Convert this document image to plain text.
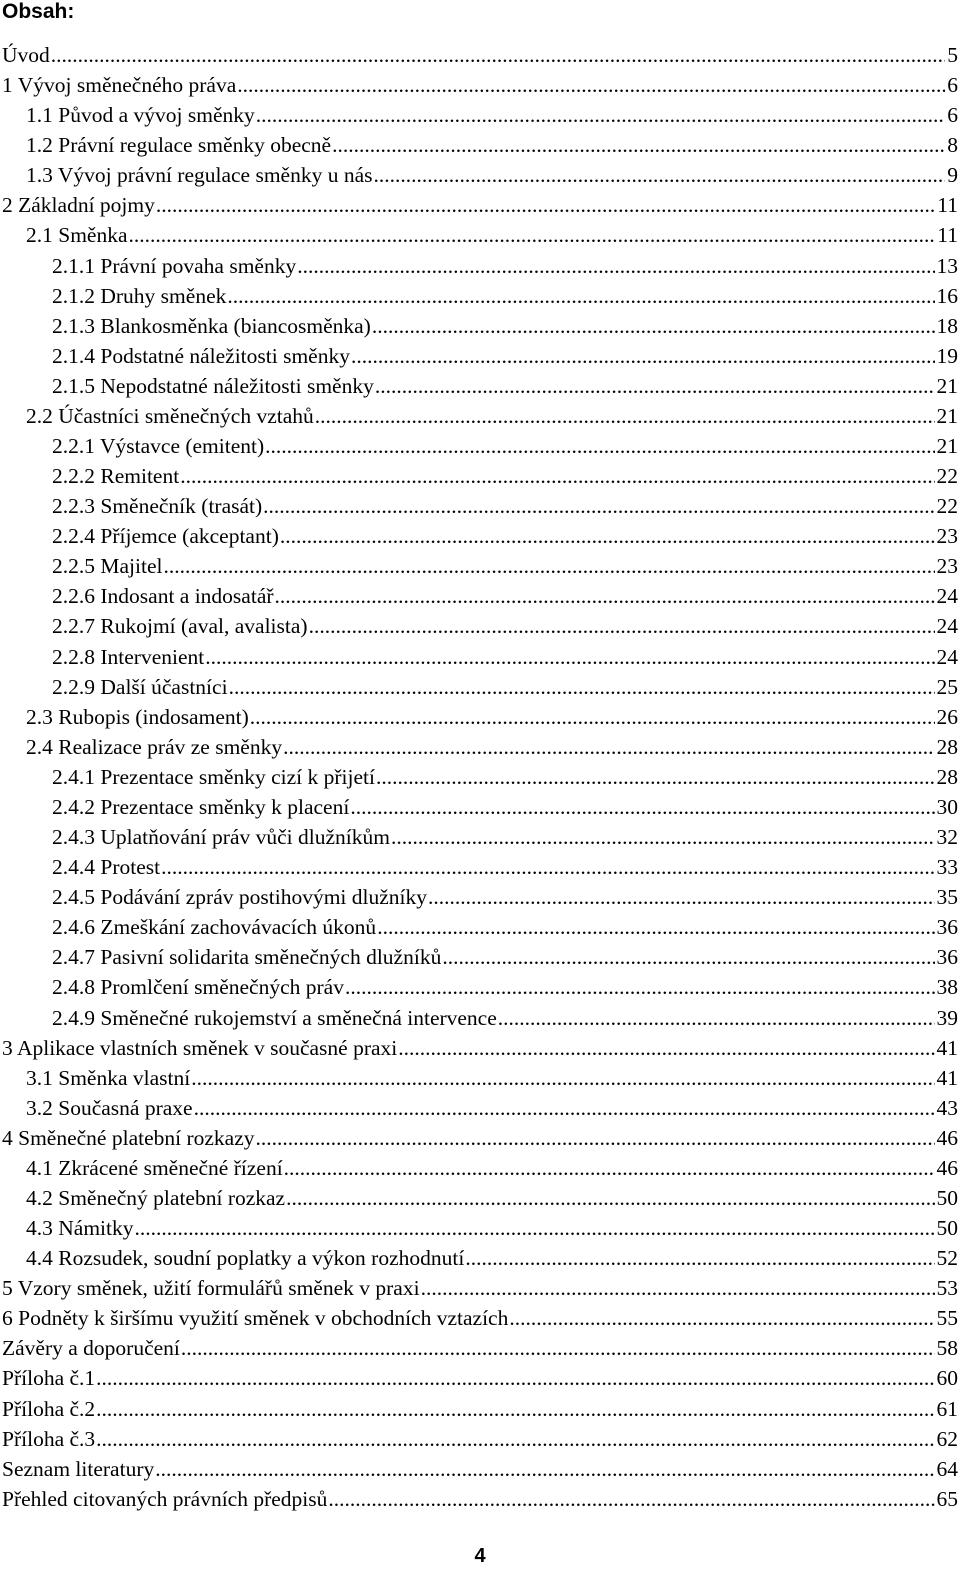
Obsah:
Úvod .....	5
1 Vývoj směnečného práva .....	6
1.1 Původ a vývoj směnky .....	6
1.2 Právní regulace směnky obecně .....	8
1.3 Vývoj právní regulace směnky u nás .....	9
2 Základní pojmy .....	11
2.1 Směnka .....	11
2.1.1 Právní povaha směnky .....	13
2.1.2 Druhy směnek .....	16
2.1.3 Blankosměnka (biancosměnka) .....	18
2.1.4 Podstatné náležitosti směnky .....	19
2.1.5 Nepodstatné náležitosti směnky .....	21
2.2 Účastníci směnečných vztahů .....	21
2.2.1 Výstavce (emitent) .....	21
2.2.2 Remitent .....	22
2.2.3 Směnečník (trasát) .....	22
2.2.4 Příjemce (akceptant) .....	23
2.2.5 Majitel .....	23
2.2.6 Indosant a indosatář .....	24
2.2.7 Rukojmí (aval, avalista) .....	24
2.2.8 Intervenient .....	24
2.2.9 Další účastníci .....	25
2.3 Rubopis (indosament) .....	26
2.4 Realizace práv ze směnky .....	28
2.4.1 Prezentace směnky cizí k přijetí .....	28
2.4.2 Prezentace směnky k placení .....	30
2.4.3 Uplatňování práv vůči dlužníkům .....	32
2.4.4 Protest .....	33
2.4.5 Podávání zpráv postihovými dlužníky .....	35
2.4.6 Zmeškání zachovávacích úkonů .....	36
2.4.7 Pasivní solidarita směnečných dlužníků .....	36
2.4.8 Promlčení směnečných práv .....	38
2.4.9 Směnečné rukojemství a směnečná intervence .....	39
3 Aplikace vlastních směnek v současné praxi .....	41
3.1 Směnka vlastní .....	41
3.2 Současná praxe .....	43
4 Směnečné platební rozkazy .....	46
4.1 Zkrácené směnečné řízení .....	46
4.2 Směnečný platební rozkaz .....	50
4.3 Námitky .....	50
4.4 Rozsudek, soudní poplatky a výkon rozhodnutí .....	52
5 Vzory směnek, užití formulářů směnek v praxi .....	53
6 Podněty k širšímu využití směnek v obchodních vztazích .....	55
Závěry a doporučení .....	58
Příloha č.1 .....	60
Příloha č.2 .....	61
Příloha č.3 .....	62
Seznam literatury .....	64
Přehled citovaných právních předpisů .....	65
4
